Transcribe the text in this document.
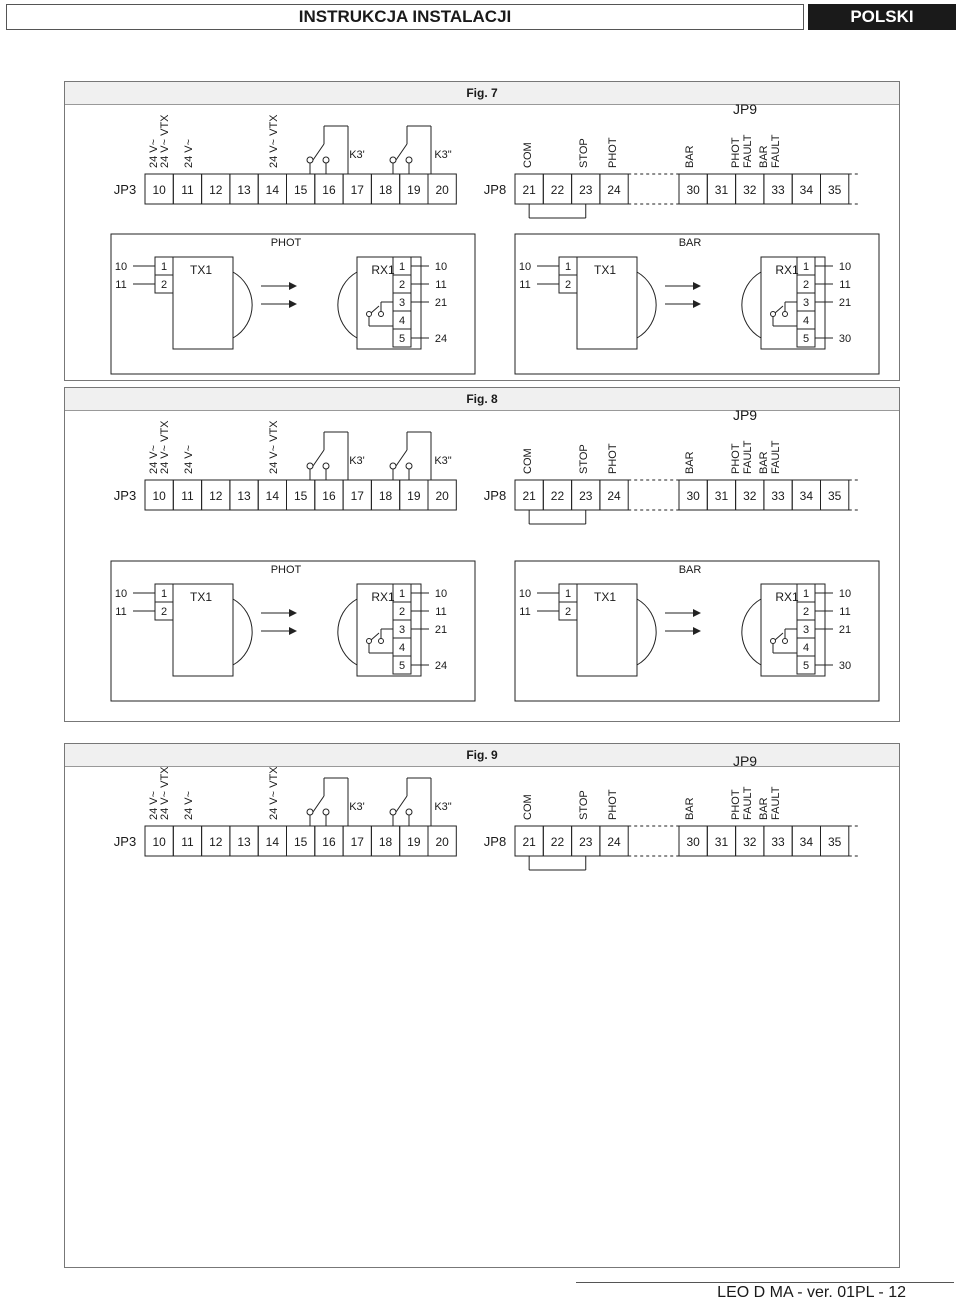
INSTRUKCJA INSTALACJI	POLSKI
Fig. 7
JP3 10 11 12 13 14 15 16 17 18 19 20
24 V~ 24 V~ VTX 24 V~	24 V~ VTX	K3'	K3"
JP8 21 22 23 24
COM	STOP PHOT
JP9
30 31 32 33 34 35
BAR	PHOT FAULT BAR FAULT
PHOT
10
11
1
2
TX1	RX1 1	10
2	11
3	21
4
5	24
BAR
10
11
1
2
TX1	RX1 1	10
2	11
3	21
4
5	30
Fig. 8
JP3 10 11 12 13 14 15 16 17 18 19 20
24 V~ 24 V~ VTX 24 V~	24 V~ VTX	K3'	K3"
JP8 21 22 23 24
COM	STOP PHOT
JP9
30 31 32 33 34 35
BAR	PHOT FAULT BAR FAULT
PHOT
10
11
1
2
TX1	RX1 1	10
2	11
3	21
4
5	24
BAR
10
11
1
2
TX1	RX1 1	10
2	11
3	21
4
5	30
Fig. 9
JP3 10 11 12 13 14 15 16 17 18 19 20
24 V~ 24 V~ VTX 24 V~	24 V~ VTX	K3'	K3"
JP8 21 22 23 24
COM	STOP PHOT
JP9
30 31 32 33 34 35
BAR	PHOT FAULT BAR FAULT
LEO D MA - ver. 01PL - 12
